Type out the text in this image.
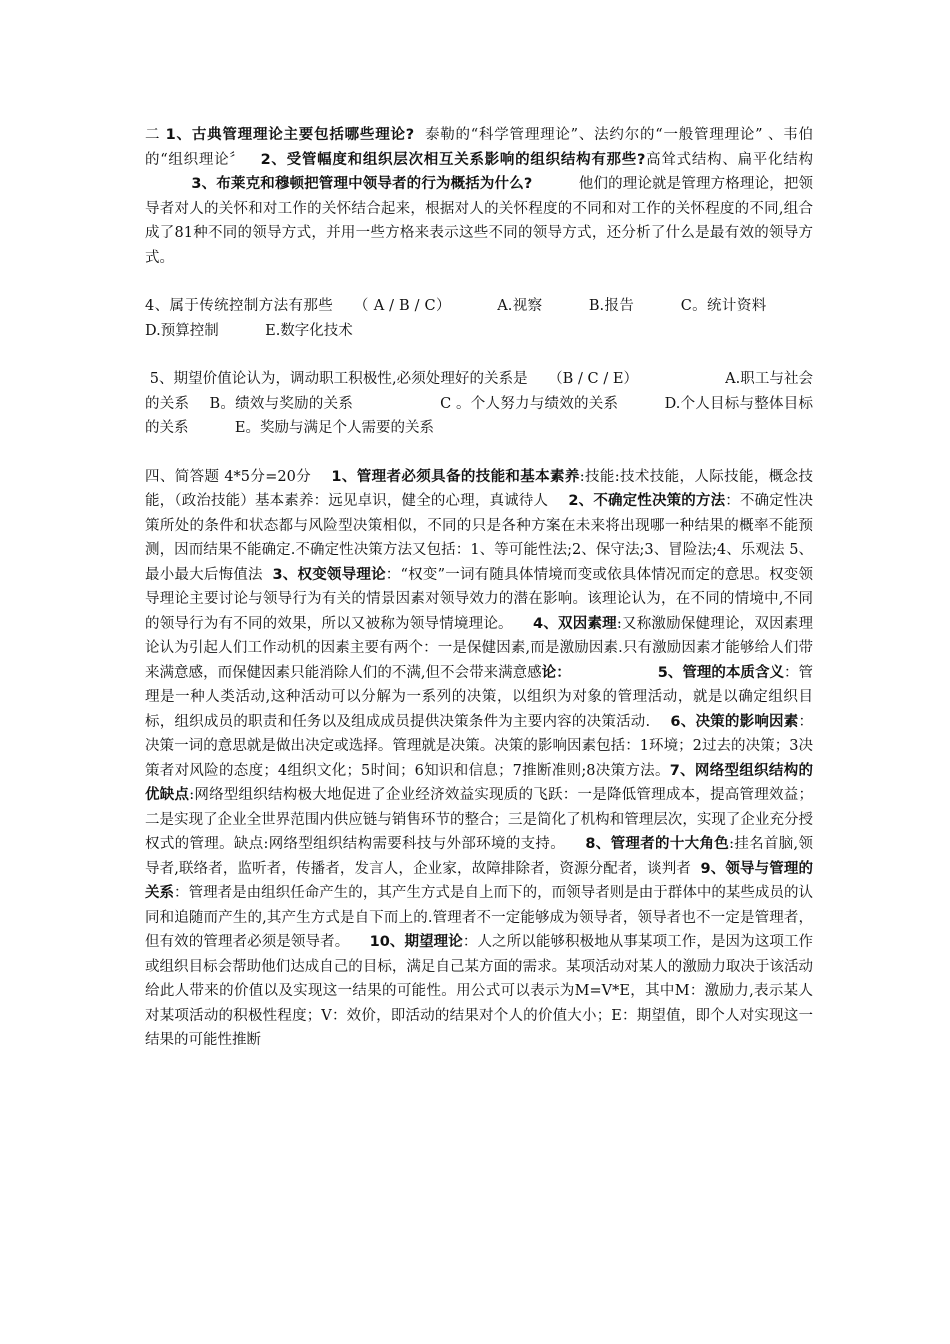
二 1、古典管理理论主要包括哪些理论? 泰勒的“科学管理理论”、法约尔的“一般管理理论” 、韦伯的“组织理论〞 2、受管幅度和组织层次相互关系影响的组织结构有那些?高耸式结构、扁平化结构3、布莱克和穆顿把管理中领导者的行为概括为什么?	他们的理论就是管理方格理论，把领导者对人的关怀和对工作的关怀结合起来，根据对人的关怀程度的不同和对工作的关怀程度的不同,组合成了81种不同的领导方式，并用一些方格来表示这些不同的领导方式，还分析了什么是最有效的领导方式。

4、属于传统控制方法有那些 （ A / B / C）	A.视察	B.报告	C。统计资料D.预算控制	E.数字化技术

5、期望价值论认为，调动职工积极性,必须处理好的关系是 （B / C / E）	A.职工与社会的关系 B。绩效与奖励的关系	C 。个人努力与绩效的关系	D.个人目标与整体目标的关系	E。奖励与满足个人需要的关系

四、简答题 4*5分=20分 1、管理者必须具备的技能和基本素养:技能:技术技能，人际技能，概念技能，（政治技能）基本素养：远见卓识，健全的心理，真诚待人 2、不确定性决策的方法：不确定性决策所处的条件和状态都与风险型决策相似，不同的只是各种方案在未来将出现哪一种结果的概率不能预测，因而结果不能确定.不确定性决策方法又包括：1、等可能性法;2、保守法;3、冒险法;4、乐观法 5、最小最大后悔值法 3、权变领导理论：“权变”一词有随具体情境而变或依具体情况而定的意思。权变领导理论主要讨论与领导行为有关的情景因素对领导效力的潜在影响。该理论认为，在不同的情境中,不同的领导行为有不同的效果，所以又被称为领导情境理论。 4、双因素理:又称激励保健理论，双因素理论认为引起人们工作动机的因素主要有两个：一是保健因素,而是激励因素.只有激励因素才能够给人们带来满意感，而保健因素只能消除人们的不满,但不会带来满意感论：	5、管理的本质含义：管理是一种人类活动,这种活动可以分解为一系列的决策，以组织为对象的管理活动，就是以确定组织目标，组织成员的职责和任务以及组成成员提供决策条件为主要内容的决策活动. 6、决策的影响因素：决策一词的意思就是做出决定或选择。管理就是决策。决策的影响因素包括：1环境；2过去的决策；3决策者对风险的态度；4组织文化；5时间；6知识和信息；7推断准则;8决策方法。7、网络型组织结构的优缺点:网络型组织结构极大地促进了企业经济效益实现质的飞跃：一是降低管理成本，提高管理效益；二是实现了企业全世界范围内供应链与销售环节的整合；三是简化了机构和管理层次，实现了企业充分授权式的管理。缺点:网络型组织结构需要科技与外部环境的支持。 8、管理者的十大角色:挂名首脑,领导者,联络者，监听者，传播者，发言人，企业家，故障排除者，资源分配者，谈判者 9、领导与管理的关系：管理者是由组织任命产生的，其产生方式是自上而下的，而领导者则是由于群体中的某些成员的认同和追随而产生的,其产生方式是自下而上的.管理者不一定能够成为领导者，领导者也不一定是管理者，但有效的管理者必须是领导者。 10、期望理论：人之所以能够积极地从事某项工作，是因为这项工作或组织目标会帮助他们达成自己的目标，满足自己某方面的需求。某项活动对某人的激励力取决于该活动给此人带来的价值以及实现这一结果的可能性。用公式可以表示为M=V*E，其中M：激励力,表示某人对某项活动的积极性程度；V：效价，即活动的结果对个人的价值大小；E：期望值，即个人对实现这一结果的可能性推断
